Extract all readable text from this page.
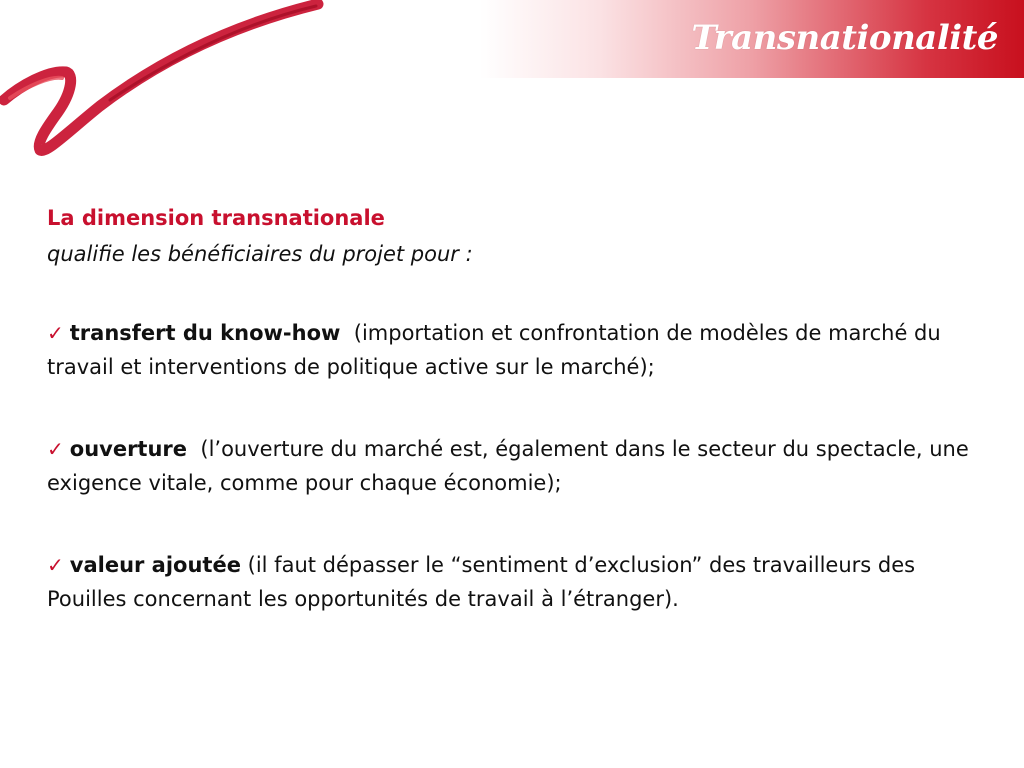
Transnationalité

La dimension transnationale

qualifie les bénéficiaires du projet pour :

✓ transfert du know-how  (importation et confrontation de modèles de marché du travail et interventions de politique active sur le marché);

✓ ouverture  (l’ouverture du marché est, également dans le secteur du spectacle, une exigence vitale, comme pour chaque économie);

✓ valeur ajoutée (il faut dépasser le “sentiment d’exclusion” des travailleurs des Pouilles concernant les opportunités de travail à l’étranger).
